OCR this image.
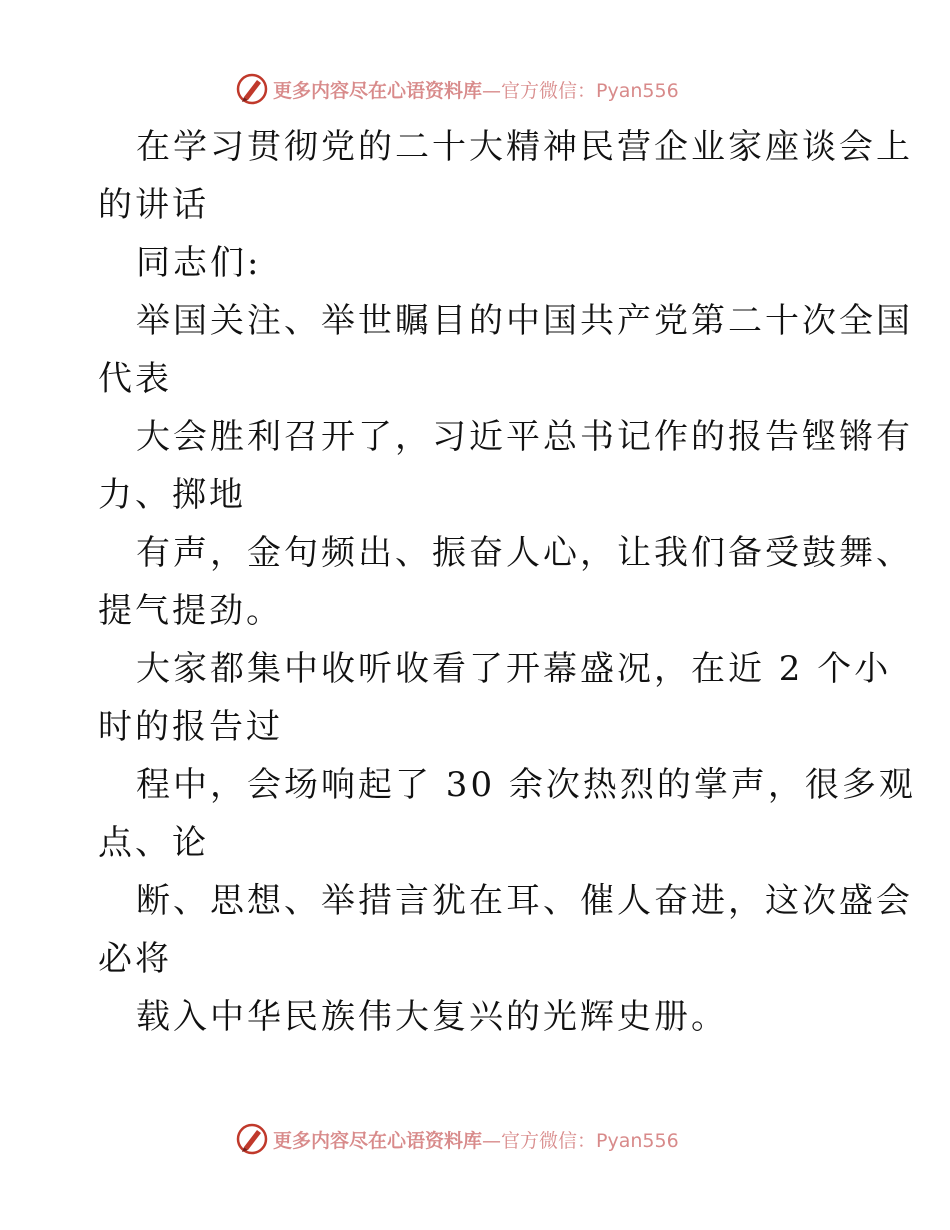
更多内容尽在心语资料库 —官方微信：Pyan556
在学习贯彻党的二十大精神民营企业家座谈会上
的讲话
同志们:
举国关注、举世瞩目的中国共产党第二十次全国
代表
大会胜利召开了，习近平总书记作的报告铿锵有
力、掷地
有声，金句频出、振奋人心，让我们备受鼓舞、
提气提劲。
大家都集中收听收看了开幕盛况，在近 2 个小
时的报告过
程中，会场响起了 30 余次热烈的掌声，很多观
点、论
断、思想、举措言犹在耳、催人奋进，这次盛会
必将
载入中华民族伟大复兴的光辉史册。
更多内容尽在心语资料库 —官方微信：Pyan556
